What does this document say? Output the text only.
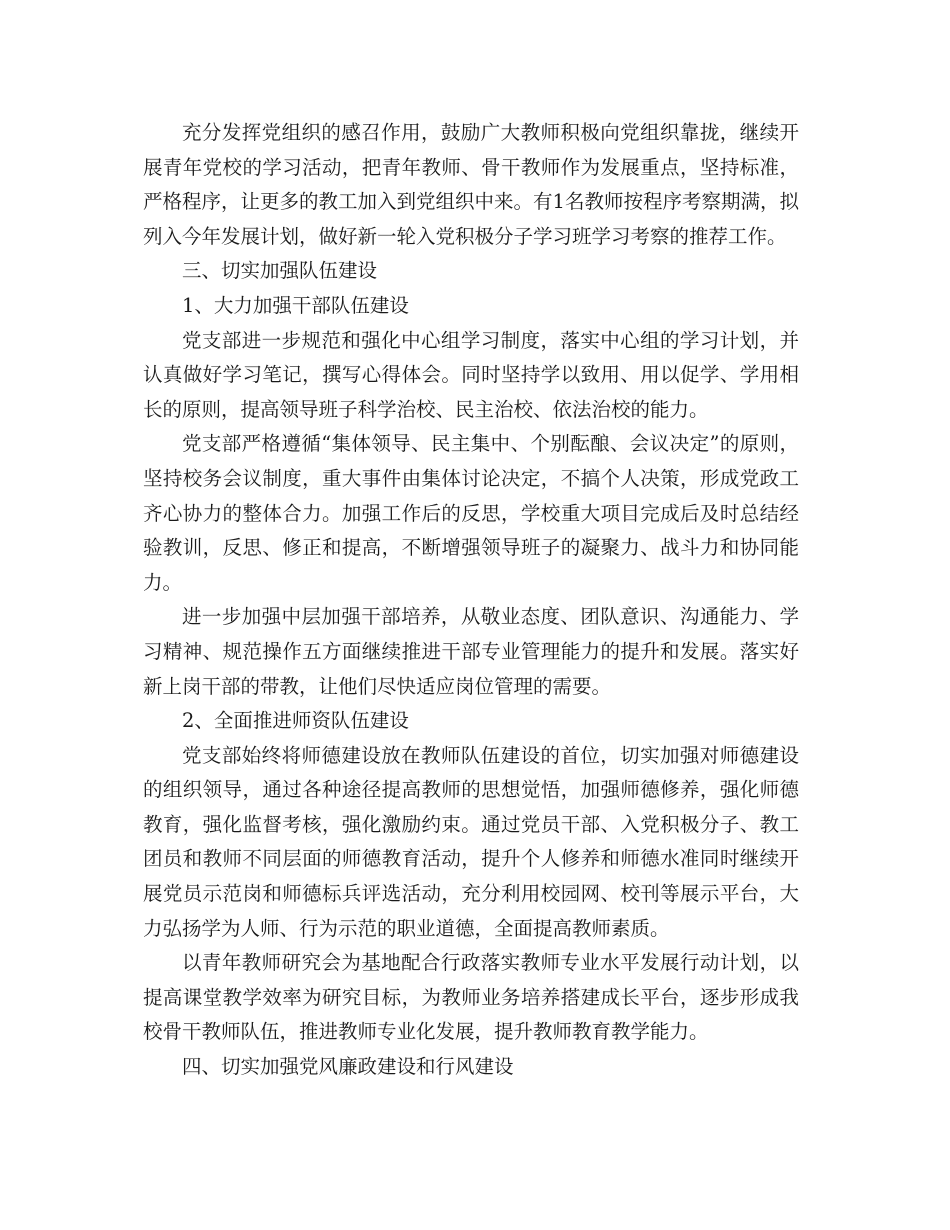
充分发挥党组织的感召作用，鼓励广大教师积极向党组织靠拢，继续开展青年党校的学习活动，把青年教师、骨干教师作为发展重点，坚持标准，严格程序，让更多的教工加入到党组织中来。有1名教师按程序考察期满，拟列入今年发展计划，做好新一轮入党积极分子学习班学习考察的推荐工作。

三、切实加强队伍建设

1、大力加强干部队伍建设

党支部进一步规范和强化中心组学习制度，落实中心组的学习计划，并认真做好学习笔记，撰写心得体会。同时坚持学以致用、用以促学、学用相长的原则，提高领导班子科学治校、民主治校、依法治校的能力。

党支部严格遵循“集体领导、民主集中、个别酝酿、会议决定”的原则，坚持校务会议制度，重大事件由集体讨论决定，不搞个人决策，形成党政工齐心协力的整体合力。加强工作后的反思，学校重大项目完成后及时总结经验教训，反思、修正和提高，不断增强领导班子的凝聚力、战斗力和协同能力。

进一步加强中层加强干部培养，从敬业态度、团队意识、沟通能力、学习精神、规范操作五方面继续推进干部专业管理能力的提升和发展。落实好新上岗干部的带教，让他们尽快适应岗位管理的需要。

2、全面推进师资队伍建设

党支部始终将师德建设放在教师队伍建设的首位，切实加强对师德建设的组织领导，通过各种途径提高教师的思想觉悟，加强师德修养，强化师德教育，强化监督考核，强化激励约束。通过党员干部、入党积极分子、教工团员和教师不同层面的师德教育活动，提升个人修养和师德水准同时继续开展党员示范岗和师德标兵评选活动，充分利用校园网、校刊等展示平台，大力弘扬学为人师、行为示范的职业道德，全面提高教师素质。

以青年教师研究会为基地配合行政落实教师专业水平发展行动计划，以提高课堂教学效率为研究目标，为教师业务培养搭建成长平台，逐步形成我校骨干教师队伍，推进教师专业化发展，提升教师教育教学能力。

四、切实加强党风廉政建设和行风建设
